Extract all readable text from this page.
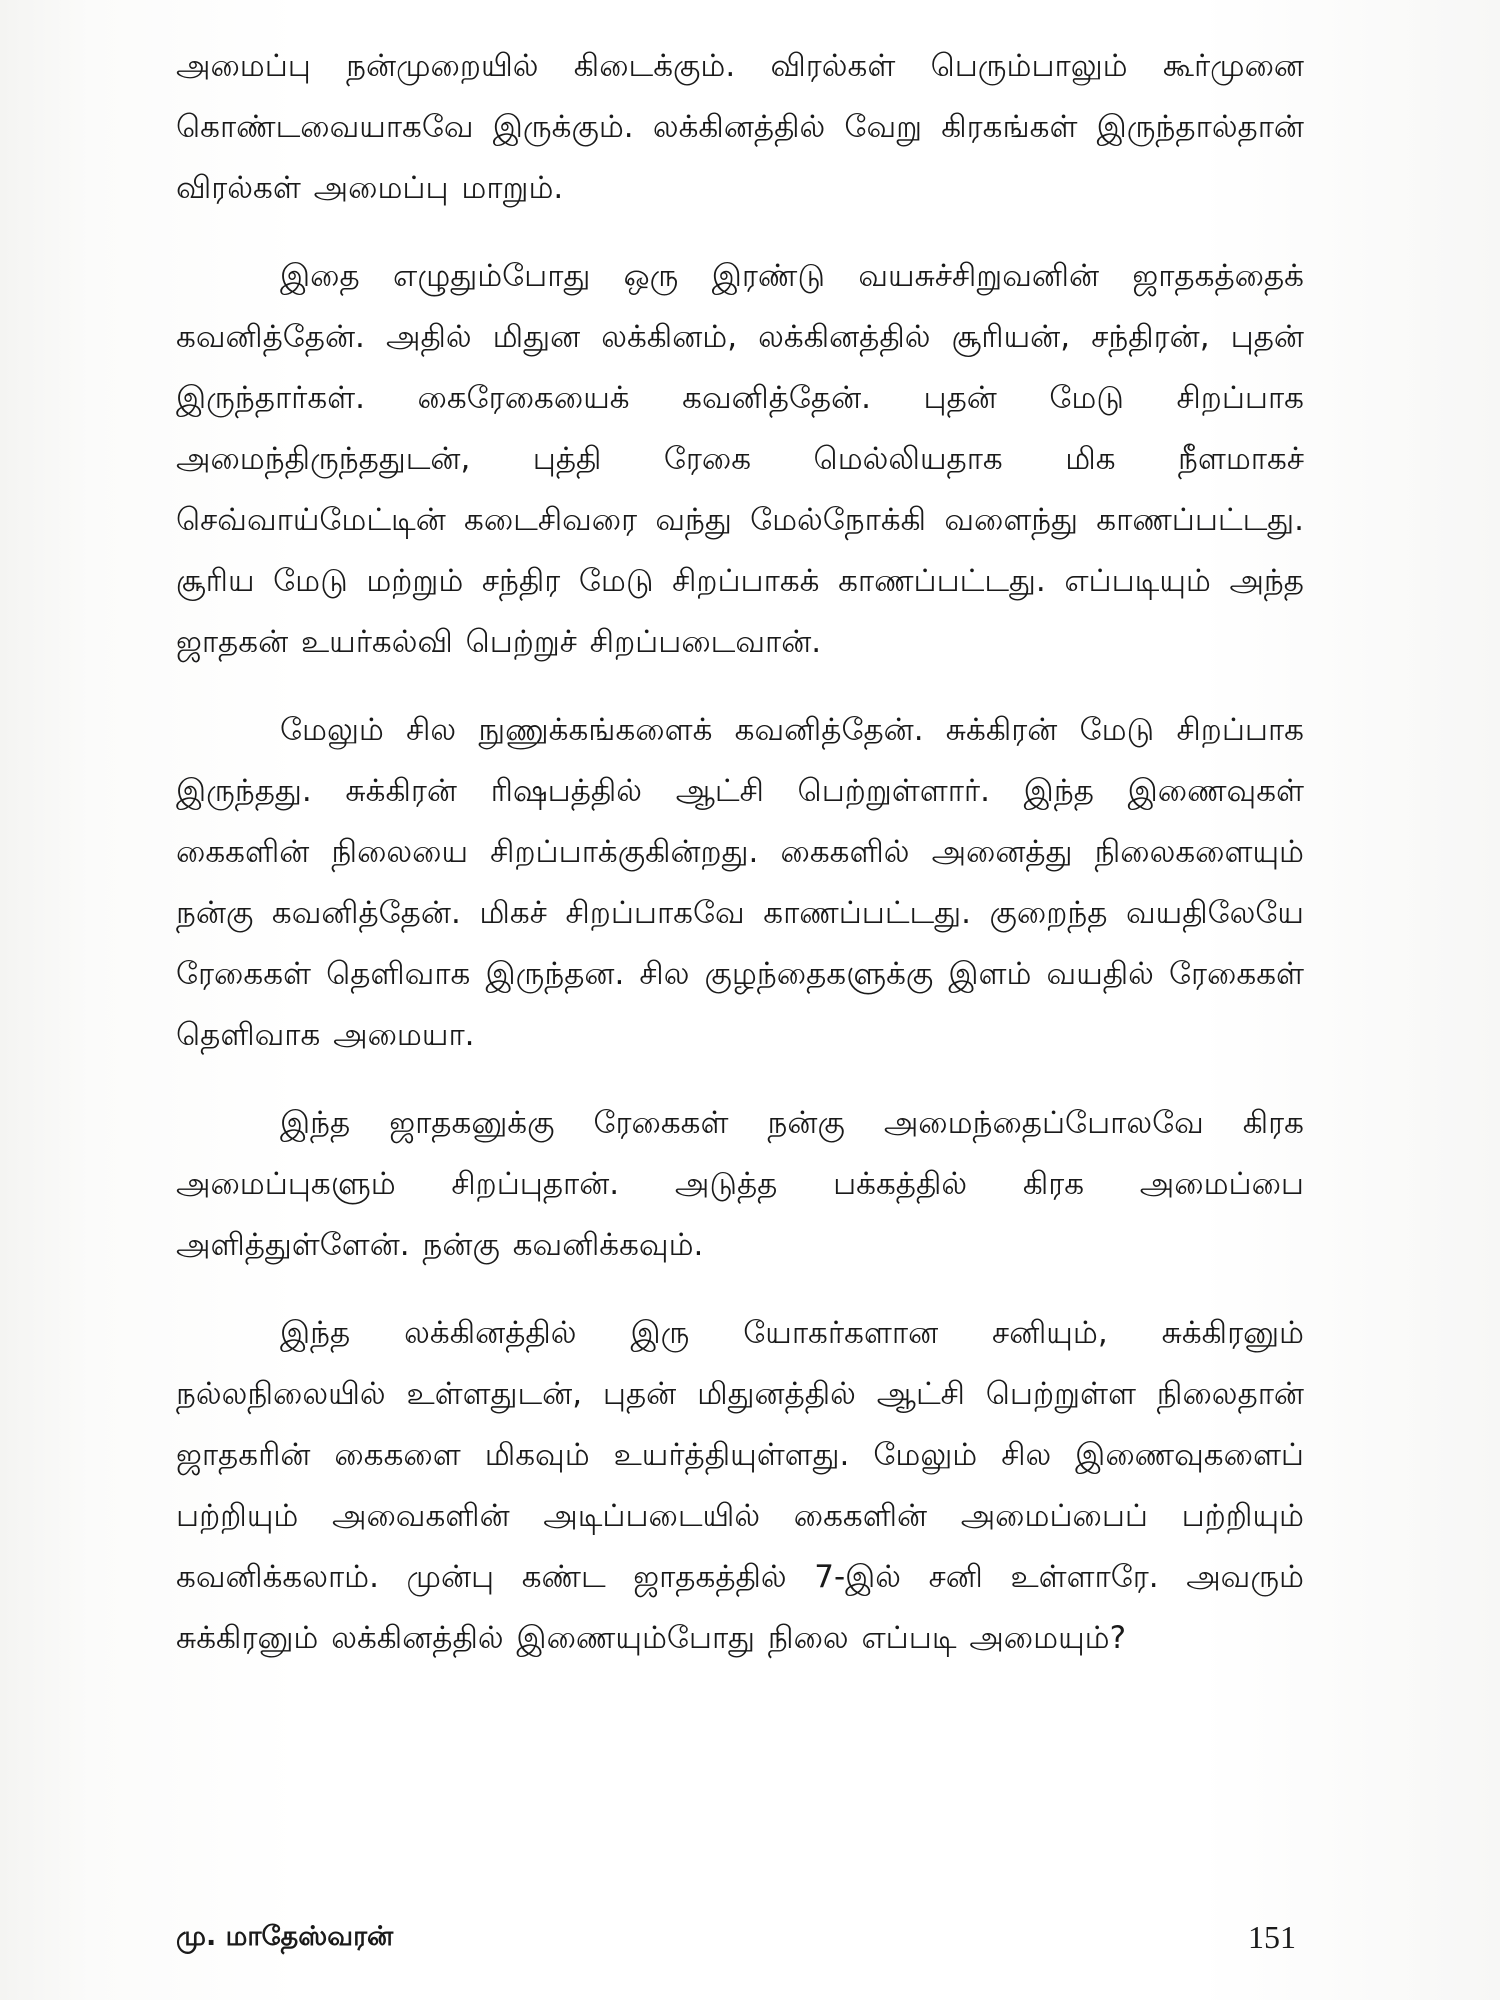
அமைப்பு நன்முறையில் கிடைக்கும். விரல்கள் பெரும்பாலும் கூர்முனை கொண்டவையாகவே இருக்கும். லக்கினத்தில் வேறு கிரகங்கள் இருந்தால்தான் விரல்கள் அமைப்பு மாறும்.

இதை எழுதும்போது ஒரு இரண்டு வயசுச்சிறுவனின் ஜாதகத்தைக் கவனித்தேன். அதில் மிதுன லக்கினம், லக்கினத்தில் சூரியன், சந்திரன், புதன் இருந்தார்கள். கைரேகையைக் கவனித்தேன். புதன் மேடு சிறப்பாக அமைந்திருந்ததுடன், புத்தி ரேகை மெல்லியதாக மிக நீளமாகச் செவ்வாய்மேட்டின் கடைசிவரை வந்து மேல்நோக்கி வளைந்து காணப்பட்டது. சூரிய மேடு மற்றும் சந்திர மேடு சிறப்பாகக் காணப்பட்டது. எப்படியும் அந்த ஜாதகன் உயர்கல்வி பெற்றுச் சிறப்படைவான்.

மேலும் சில நுணுக்கங்களைக் கவனித்தேன். சுக்கிரன் மேடு சிறப்பாக இருந்தது. சுக்கிரன் ரிஷபத்தில் ஆட்சி பெற்றுள்ளார். இந்த இணைவுகள் கைகளின் நிலையை சிறப்பாக்குகின்றது. கைகளில் அனைத்து நிலைகளையும் நன்கு கவனித்தேன். மிகச் சிறப்பாகவே காணப்பட்டது. குறைந்த வயதிலேயே ரேகைகள் தெளிவாக இருந்தன. சில குழந்தைகளுக்கு இளம் வயதில் ரேகைகள் தெளிவாக அமையா.

இந்த ஜாதகனுக்கு ரேகைகள் நன்கு அமைந்தைப்போலவே கிரக அமைப்புகளும் சிறப்புதான். அடுத்த பக்கத்தில் கிரக அமைப்பை அளித்துள்ளேன். நன்கு கவனிக்கவும்.

இந்த லக்கினத்தில் இரு யோகர்களான சனியும், சுக்கிரனும் நல்லநிலையில் உள்ளதுடன், புதன் மிதுனத்தில் ஆட்சி பெற்றுள்ள நிலைதான் ஜாதகரின் கைகளை மிகவும் உயர்த்தியுள்ளது. மேலும் சில இணைவுகளைப் பற்றியும் அவைகளின் அடிப்படையில் கைகளின் அமைப்பைப் பற்றியும் கவனிக்கலாம். முன்பு கண்ட ஜாதகத்தில் 7-இல் சனி உள்ளாரே. அவரும் சுக்கிரனும் லக்கினத்தில் இணையும்போது நிலை எப்படி அமையும்?

மு. மாதேஸ்வரன்	151
